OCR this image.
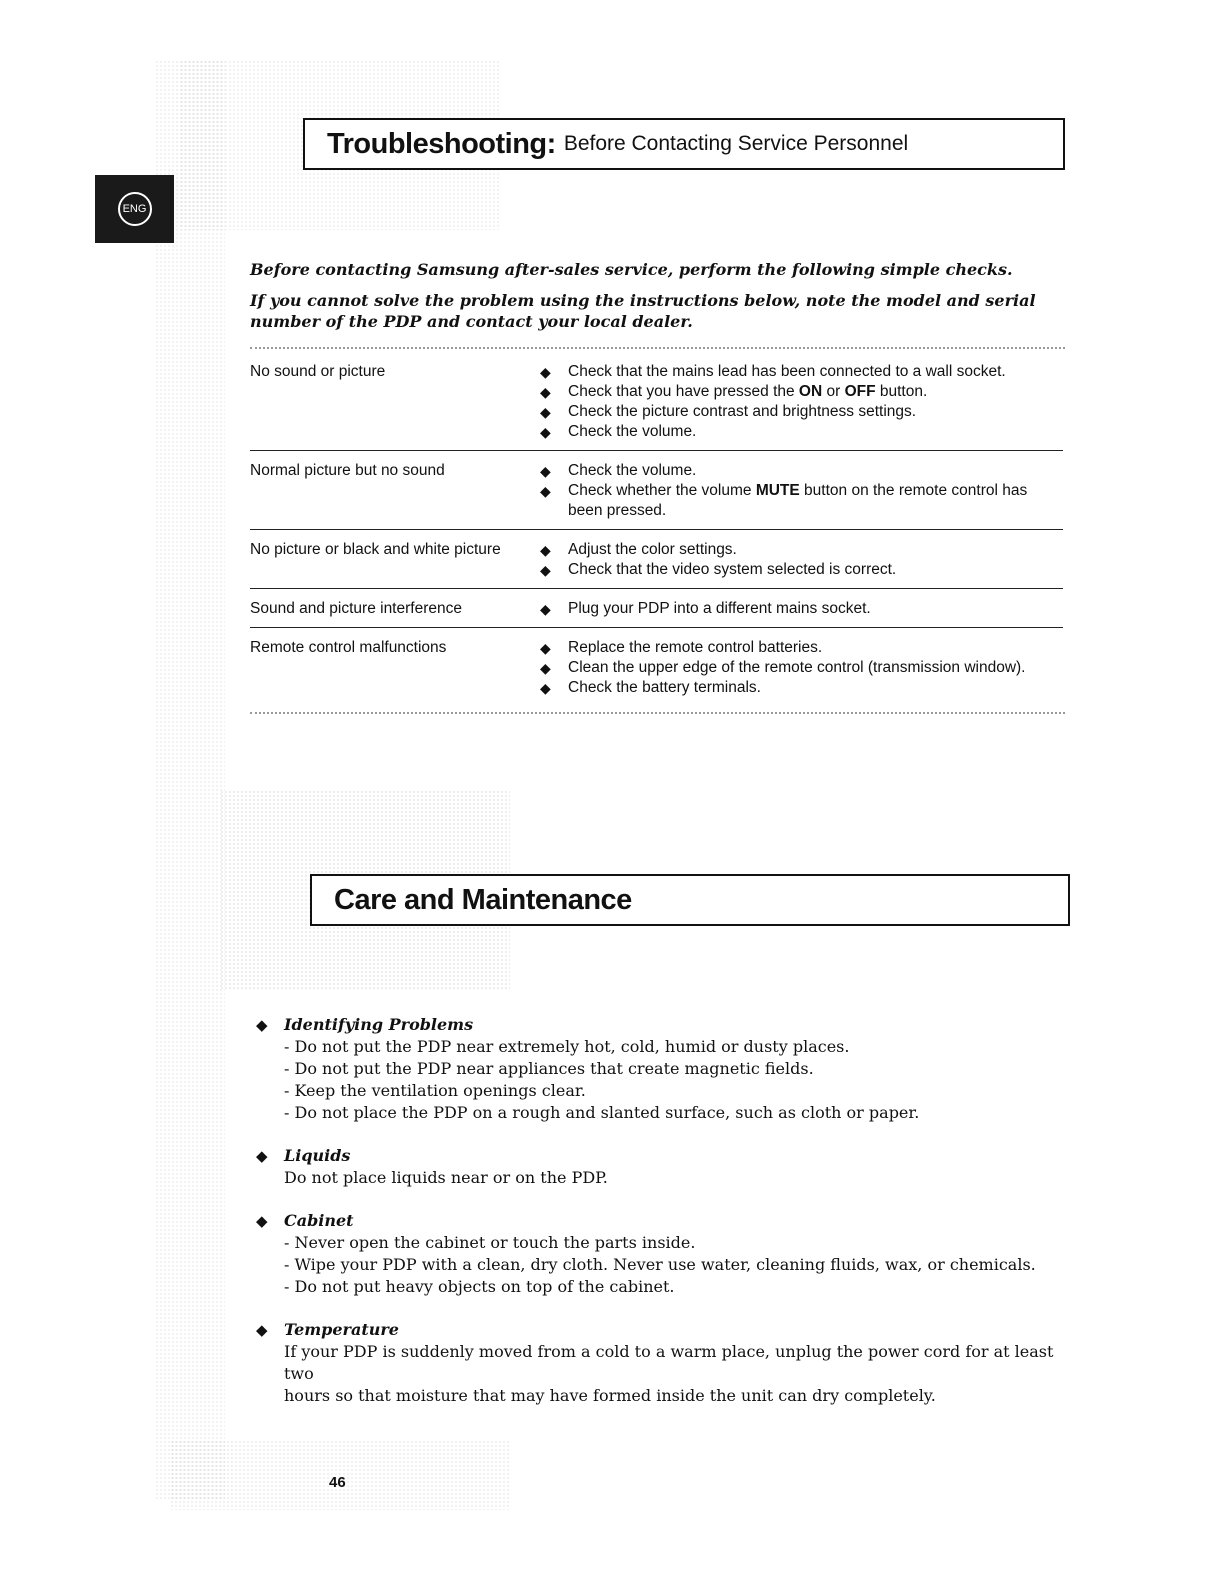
ENG
Troubleshooting: Before Contacting Service Personnel
Before contacting Samsung after-sales service, perform the following simple checks.
If you cannot solve the problem using the instructions below, note the model and serial number of the PDP and contact your local dealer.
No sound or picture	◆	Check that the mains lead has been connected to a wall socket.
◆	Check that you have pressed the ON or OFF button.
◆	Check the picture contrast and brightness settings.
◆	Check the volume.
Normal picture but no sound	◆	Check the volume.
◆	Check whether the volume MUTE button on the remote control has been pressed.
No picture or black and white picture	◆	Adjust the color settings.
◆	Check that the video system selected is correct.
Sound and picture interference	◆	Plug your PDP into a different mains socket.
Remote control malfunctions	◆	Replace the remote control batteries.
◆	Clean the upper edge of the remote control (transmission window).
◆	Check the battery terminals.
Care and Maintenance
◆	Identifying Problems
- Do not put the PDP near extremely hot, cold, humid or dusty places.
- Do not put the PDP near appliances that create magnetic fields.
- Keep the ventilation openings clear.
- Do not place the PDP on a rough and slanted surface, such as cloth or paper.
◆	Liquids
Do not place liquids near or on the PDP.
◆	Cabinet
- Never open the cabinet or touch the parts inside.
- Wipe your PDP with a clean, dry cloth. Never use water, cleaning fluids, wax, or chemicals.
- Do not put heavy objects on top of the cabinet.
◆	Temperature
If your PDP is suddenly moved from a cold to a warm place, unplug the power cord for at least two
hours so that moisture that may have formed inside the unit can dry completely.
46
